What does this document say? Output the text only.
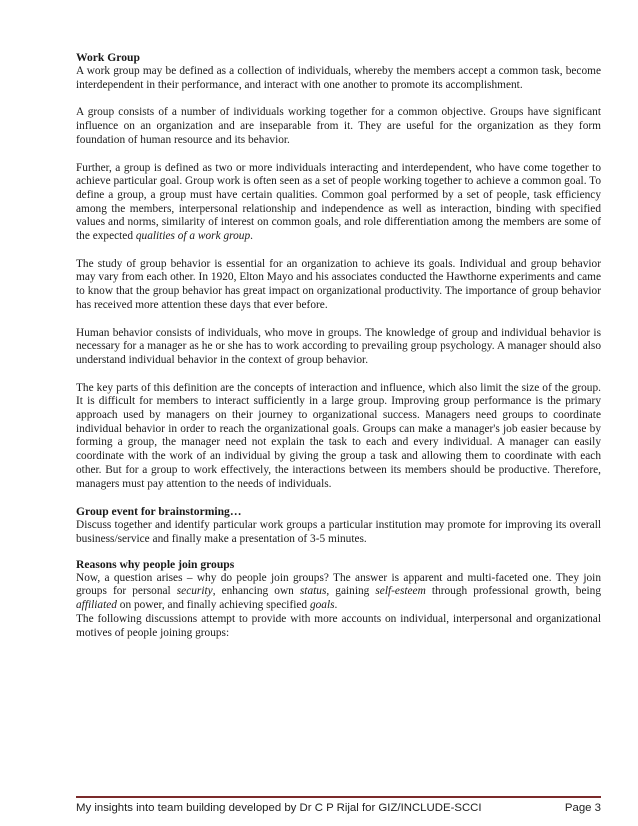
Work Group

A work group may be defined as a collection of individuals, whereby the members accept a common task, become interdependent in their performance, and interact with one another to promote its accomplishment.

A group consists of a number of individuals working together for a common objective. Groups have significant influence on an organization and are inseparable from it. They are useful for the organization as they form foundation of human resource and its behavior.

Further, a group is defined as two or more individuals interacting and interdependent, who have come together to achieve particular goal. Group work is often seen as a set of people working together to achieve a common goal. To define a group, a group must have certain qualities. Common goal performed by a set of people, task efficiency among the members, interpersonal relationship and independence as well as interaction, binding with specified values and norms, similarity of interest on common goals, and role differentiation among the members are some of the expected qualities of a work group.

The study of group behavior is essential for an organization to achieve its goals. Individual and group behavior may vary from each other. In 1920, Elton Mayo and his associates conducted the Hawthorne experiments and came to know that the group behavior has great impact on organizational productivity. The importance of group behavior has received more attention these days that ever before.

Human behavior consists of individuals, who move in groups. The knowledge of group and individual behavior is necessary for a manager as he or she has to work according to prevailing group psychology. A manager should also understand individual behavior in the context of group behavior.

The key parts of this definition are the concepts of interaction and influence, which also limit the size of the group. It is difficult for members to interact sufficiently in a large group. Improving group performance is the primary approach used by managers on their journey to organizational success. Managers need groups to coordinate individual behavior in order to reach the organizational goals. Groups can make a manager's job easier because by forming a group, the manager need not explain the task to each and every individual. A manager can easily coordinate with the work of an individual by giving the group a task and allowing them to coordinate with each other. But for a group to work effectively, the interactions between its members should be productive. Therefore, managers must pay attention to the needs of individuals.

Group event for brainstorming…

Discuss together and identify particular work groups a particular institution may promote for improving its overall business/service and finally make a presentation of 3-5 minutes.

Reasons why people join groups

Now, a question arises – why do people join groups? The answer is apparent and multi-faceted one. They join groups for personal security, enhancing own status, gaining self-esteem through professional growth, being affiliated on power, and finally achieving specified goals.

The following discussions attempt to provide with more accounts on individual, interpersonal and organizational motives of people joining groups:

My insights into team building developed by Dr C P Rijal for GIZ/INCLUDE-SCCI	Page 3
